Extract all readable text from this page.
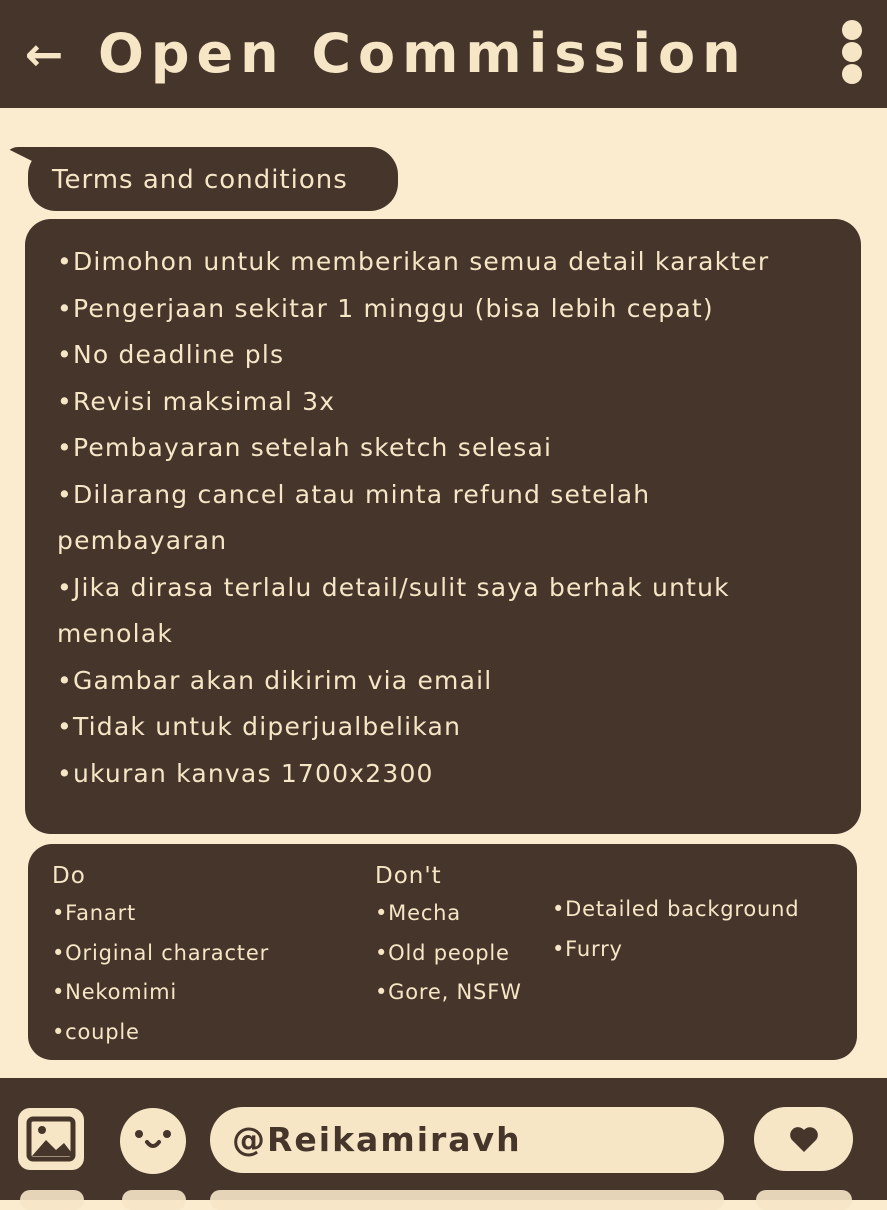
← Open Commission
Terms and conditions
•Dimohon untuk memberikan semua detail karakter
•Pengerjaan sekitar 1 minggu (bisa lebih cepat)
•No deadline pls
•Revisi maksimal 3x
•Pembayaran setelah sketch selesai
•Dilarang cancel atau minta refund setelah pembayaran
•Jika dirasa terlalu detail/sulit saya berhak untuk menolak
•Gambar akan dikirim via email
•Tidak untuk diperjualbelikan
•ukuran kanvas 1700x2300
Do
•Fanart
•Original character
•Nekomimi
•couple
Don't
•Mecha
•Old people
•Gore, NSFW
•Detailed background
•Furry
@Reikamiravh
